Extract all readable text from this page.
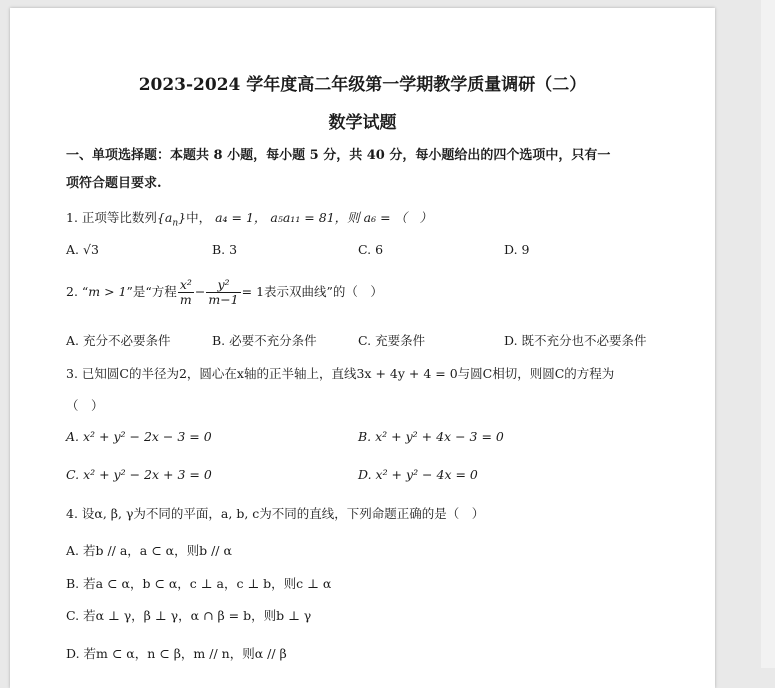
2023-2024 学年度高二年级第一学期教学质量调研（二）
数学试题
一、单项选择题：本题共 8 小题，每小题 5 分，共 40 分，每小题给出的四个选项中，只有一
项符合题目要求.
1. 正项等比数列$\{a_n\}$中， a₄ = 1， a₅a₁₁ = 81，则 a₆ = （　）
A. √3	B. 3	C. 6	D. 9
2. “m > 1”是“方程 $\frac{\text{x²}}{m} - \frac{\text{y²}}{m-1} = 1$表示双曲线”的（　）
A. 充分不必要条件	B. 必要不充分条件	C. 充要条件	D. 既不充分也不必要条件
3. 已知圆C的半径为2，圆心在x轴的正半轴上，直线3x + 4y + 4 = 0与圆C相切，则圆C的方程为
（　）
A. x² + y² − 2x − 3 = 0	B. x² + y² + 4x − 3 = 0
C. x² + y² − 2x + 3 = 0	D. x² + y² − 4x = 0
4. 设α, β, γ为不同的平面，a, b, c为不同的直线，下列命题正确的是（　）
A. 若b // a，a ⊂ α，则b // α
B. 若a ⊂ α，b ⊂ α，c ⊥ a，c ⊥ b，则c ⊥ α
C. 若α ⊥ γ，β ⊥ γ，α ∩ β = b，则b ⊥ γ
D. 若m ⊂ α，n ⊂ β，m // n，则α // β
